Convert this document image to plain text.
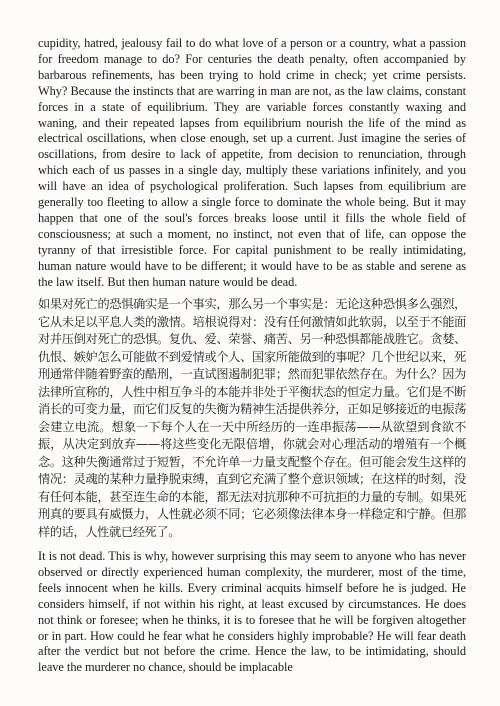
cupidity, hatred, jealousy fail to do what love of a person or a country, what a passion for freedom manage to do? For centuries the death penalty, often accompanied by barbarous refinements, has been trying to hold crime in check; yet crime persists. Why? Because the instincts that are warring in man are not, as the law claims, constant forces in a state of equilibrium. They are variable forces constantly waxing and waning, and their repeated lapses from equilibrium nourish the life of the mind as electrical oscillations, when close enough, set up a current. Just imagine the series of oscillations, from desire to lack of appetite, from decision to renunciation, through which each of us passes in a single day, multiply these variations infinitely, and you will have an idea of psychological proliferation. Such lapses from equilibrium are generally too fleeting to allow a single force to dominate the whole being. But it may happen that one of the soul's forces breaks loose until it fills the whole field of consciousness; at such a moment, no instinct, not even that of life, can oppose the tyranny of that irresistible force. For capital punishment to be really intimidating, human nature would have to be different; it would have to be as stable and serene as the law itself. But then human nature would be dead.

如果对死亡的恐惧确实是一个事实，那么另一个事实是：无论这种恐惧多么强烈，它从未足以平息人类的激情。培根说得对：没有任何激情如此软弱，以至于不能面对并压倒对死亡的恐惧。复仇、爱、荣誉、痛苦、另一种恐惧都能战胜它。贪婪、仇恨、嫉妒怎么可能做不到爱情或个人、国家所能做到的事呢？几个世纪以来，死刑通常伴随着野蛮的酷刑，一直试图遏制犯罪；然而犯罪依然存在。为什么？因为法律所宣称的，人性中相互争斗的本能并非处于平衡状态的恒定力量。它们是不断消长的可变力量，而它们反复的失衡为精神生活提供养分，正如足够接近的电振荡会建立电流。想象一下每个人在一天中所经历的一连串振荡——从欲望到食欲不振，从决定到放弃——将这些变化无限倍增，你就会对心理活动的增殖有一个概念。这种失衡通常过于短暂，不允许单一力量支配整个存在。但可能会发生这样的情况：灵魂的某种力量挣脱束缚，直到它充满了整个意识领域；在这样的时刻，没有任何本能，甚至连生命的本能，都无法对抗那种不可抗拒的力量的专制。如果死刑真的要具有威慑力，人性就必须不同；它必须像法律本身一样稳定和宁静。但那样的话，人性就已经死了。

It is not dead. This is why, however surprising this may seem to anyone who has never observed or directly experienced human complexity, the murderer, most of the time, feels innocent when he kills. Every criminal acquits himself before he is judged. He considers himself, if not within his right, at least excused by circumstances. He does not think or foresee; when he thinks, it is to foresee that he will be forgiven altogether or in part. How could he fear what he considers highly improbable? He will fear death after the verdict but not before the crime. Hence the law, to be intimidating, should leave the murderer no chance, should be implacable
